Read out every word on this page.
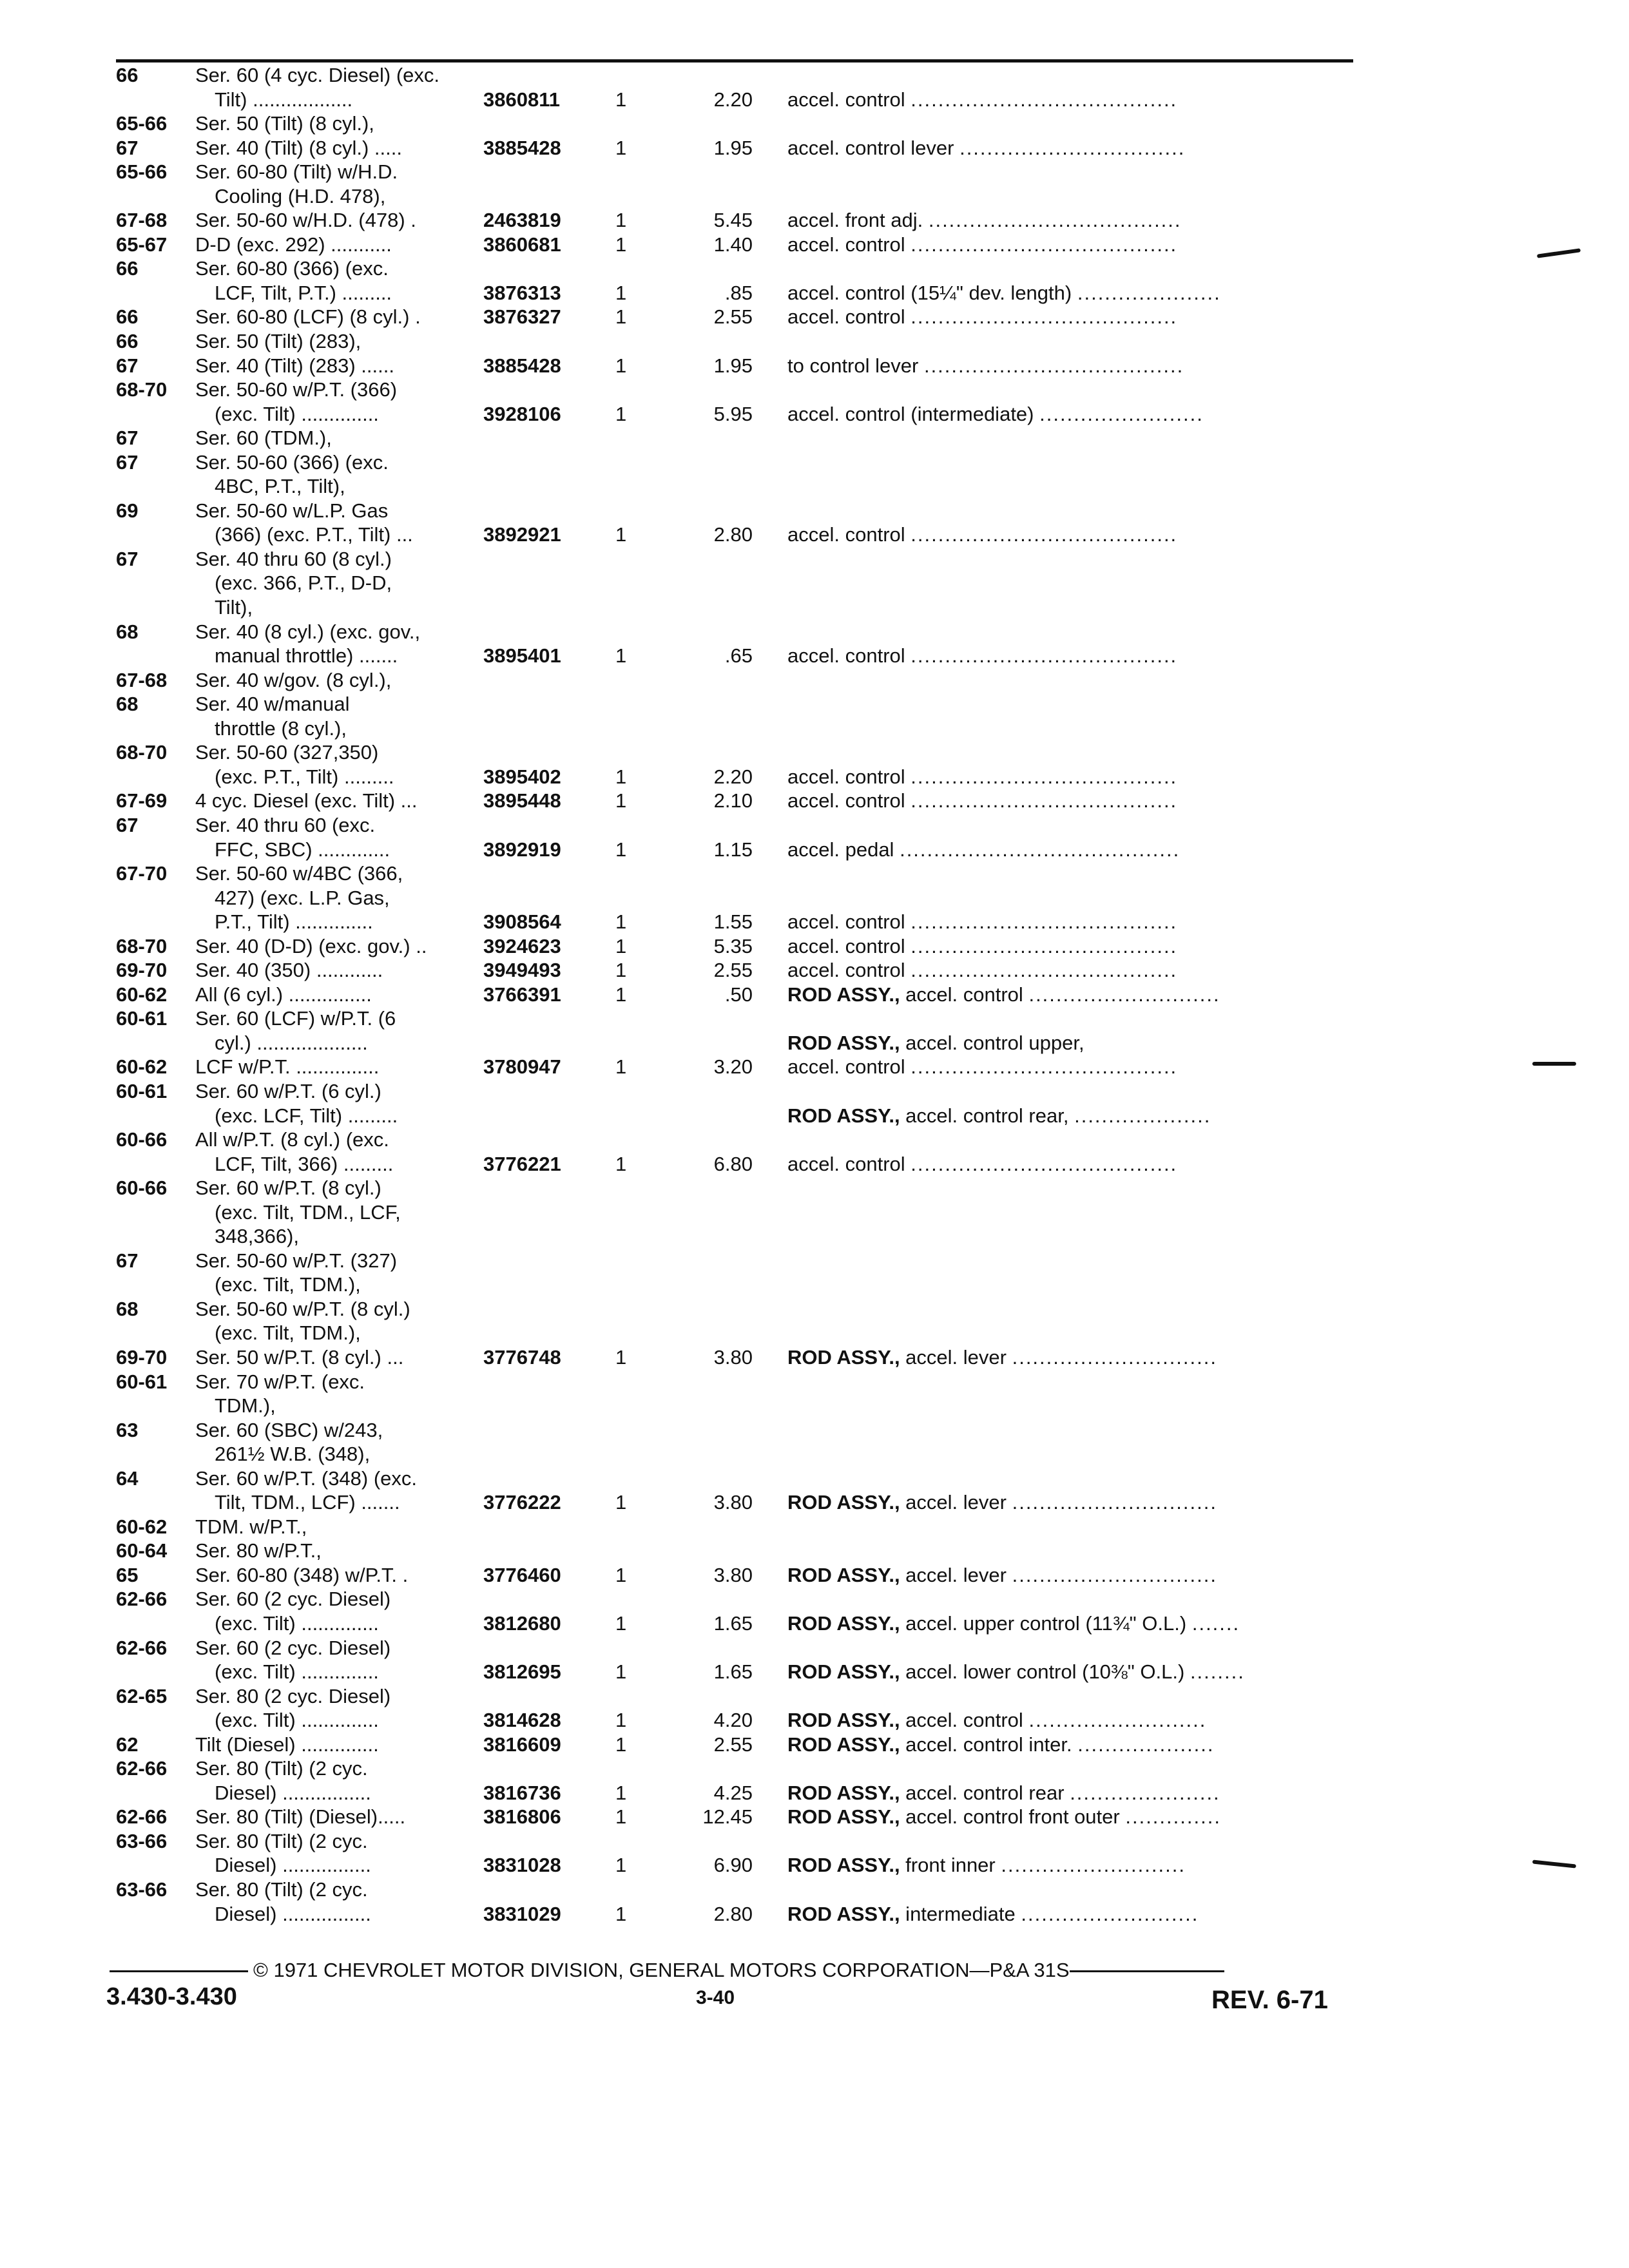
66	Ser. 60 (4 cyc. Diesel) (exc.
Tilt) ..................	3860811	1	2.20 accel. control .......................................
65-66 Ser. 50 (Tilt) (8 cyl.),
67	Ser. 40 (Tilt) (8 cyl.) .....	3885428	1	1.95 accel. control lever .................................
65-66 Ser. 60-80 (Tilt) w/H.D.
Cooling (H.D. 478),
67-68 Ser. 50-60 w/H.D. (478) .	2463819	1	5.45 accel. front adj. .....................................
65-67 D-D (exc. 292) ...........	3860681	1	1.40 accel. control .......................................
66	Ser. 60-80 (366) (exc.
LCF, Tilt, P.T.) .........	3876313	1	.85 accel. control (15¼" dev. length) .....................
66	Ser. 60-80 (LCF) (8 cyl.) .	3876327	1	2.55 accel. control .......................................
66	Ser. 50 (Tilt) (283),
67	Ser. 40 (Tilt) (283) ......	3885428	1	1.95 to control lever ......................................
68-70 Ser. 50-60 w/P.T. (366)
(exc. Tilt) ..............	3928106	1	5.95 accel. control (intermediate) ........................
67	Ser. 60 (TDM.),
67	Ser. 50-60 (366) (exc.
4BC, P.T., Tilt),
69	Ser. 50-60 w/L.P. Gas
(366) (exc. P.T., Tilt) ...	3892921	1	2.80 accel. control .......................................
67	Ser. 40 thru 60 (8 cyl.)
(exc. 366, P.T., D-D,
Tilt),
68	Ser. 40 (8 cyl.) (exc. gov.,
manual throttle) .......	3895401	1	.65 accel. control .......................................
67-68 Ser. 40 w/gov. (8 cyl.),
68	Ser. 40 w/manual
throttle (8 cyl.),
68-70 Ser. 50-60 (327,350)
(exc. P.T., Tilt) .........	3895402	1	2.20 accel. control .......................................
67-69 4 cyc. Diesel (exc. Tilt) ...	3895448	1	2.10 accel. control .......................................
67	Ser. 40 thru 60 (exc.
FFC, SBC) .............	3892919	1	1.15 accel. pedal .........................................
67-70 Ser. 50-60 w/4BC (366,
427) (exc. L.P. Gas,
P.T., Tilt) ..............	3908564	1	1.55 accel. control .......................................
68-70 Ser. 40 (D-D) (exc. gov.) ..	3924623	1	5.35 accel. control .......................................
69-70 Ser. 40 (350) ............	3949493	1	2.55 accel. control .......................................
60-62 All (6 cyl.) ...............	3766391	1	.50 ROD ASSY., accel. control ............................
60-61 Ser. 60 (LCF) w/P.T. (6
cyl.) ....................	ROD ASSY., accel. control upper,
60-62 LCF w/P.T. ...............	3780947	1	3.20 accel. control .......................................
60-61 Ser. 60 w/P.T. (6 cyl.)
(exc. LCF, Tilt) .........	ROD ASSY., accel. control rear, ....................
60-66 All w/P.T. (8 cyl.) (exc.
LCF, Tilt, 366) .........	3776221	1	6.80 accel. control .......................................
60-66 Ser. 60 w/P.T. (8 cyl.)
(exc. Tilt, TDM., LCF,
348,366),
67	Ser. 50-60 w/P.T. (327)
(exc. Tilt, TDM.),
68	Ser. 50-60 w/P.T. (8 cyl.)
(exc. Tilt, TDM.),
69-70 Ser. 50 w/P.T. (8 cyl.) ...	3776748	1	3.80 ROD ASSY., accel. lever ..............................
60-61 Ser. 70 w/P.T. (exc.
TDM.),
63	Ser. 60 (SBC) w/243,
261½ W.B. (348),
64	Ser. 60 w/P.T. (348) (exc.
Tilt, TDM., LCF) .......	3776222	1	3.80 ROD ASSY., accel. lever ..............................
60-62 TDM. w/P.T.,
60-64 Ser. 80 w/P.T.,
65	Ser. 60-80 (348) w/P.T. .	3776460	1	3.80 ROD ASSY., accel. lever ..............................
62-66 Ser. 60 (2 cyc. Diesel)
(exc. Tilt) ..............	3812680	1	1.65 ROD ASSY., accel. upper control (11¾" O.L.) .......
62-66 Ser. 60 (2 cyc. Diesel)
(exc. Tilt) ..............	3812695	1	1.65 ROD ASSY., accel. lower control (10⅜" O.L.) ........
62-65 Ser. 80 (2 cyc. Diesel)
(exc. Tilt) ..............	3814628	1	4.20 ROD ASSY., accel. control ..........................
62	Tilt (Diesel) ..............	3816609	1	2.55 ROD ASSY., accel. control inter. ....................
62-66 Ser. 80 (Tilt) (2 cyc.
Diesel) ................	3816736	1	4.25 ROD ASSY., accel. control rear ......................
62-66 Ser. 80 (Tilt) (Diesel).....	3816806	1	12.45 ROD ASSY., accel. control front outer ..............
63-66 Ser. 80 (Tilt) (2 cyc.
Diesel) ................	3831028	1	6.90 ROD ASSY., front inner ...........................
63-66 Ser. 80 (Tilt) (2 cyc.
Diesel) ................	3831029	1	2.80 ROD ASSY., intermediate ..........................
© 1971 CHEVROLET MOTOR DIVISION, GENERAL MOTORS CORPORATION—P&A 31S
3.430-3.430	3-40	REV. 6-71
